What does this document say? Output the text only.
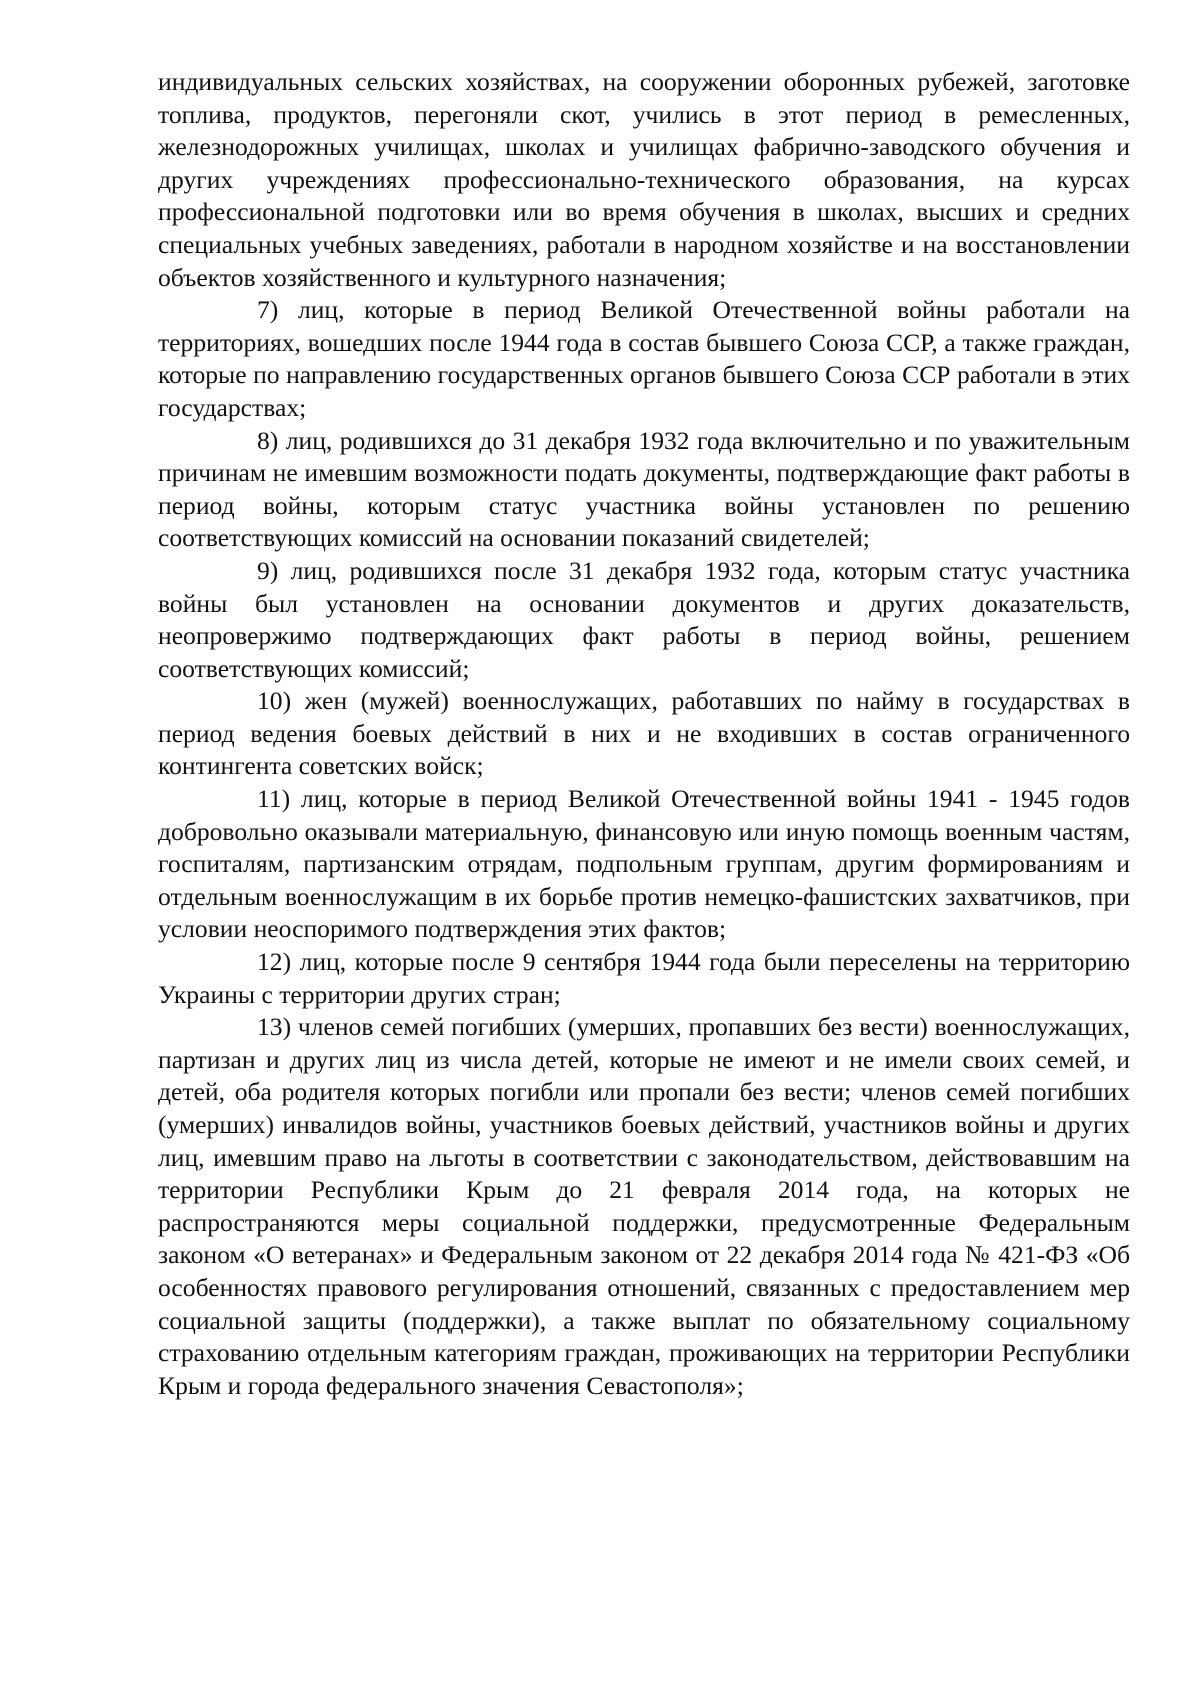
индивидуальных сельских хозяйствах, на сооружении оборонных рубежей, заготовке топлива, продуктов, перегоняли скот, учились в этот период в ремесленных, железнодорожных училищах, школах и училищах фабрично-заводского обучения и других учреждениях профессионально-технического образования, на курсах профессиональной подготовки или во время обучения в школах, высших и средних специальных учебных заведениях, работали в народном хозяйстве и на восстановлении объектов хозяйственного и культурного назначения;

7) лиц, которые в период Великой Отечественной войны работали на территориях, вошедших после 1944 года в состав бывшего Союза ССР, а также граждан, которые по направлению государственных органов бывшего Союза ССР работали в этих государствах;

8) лиц, родившихся до 31 декабря 1932 года включительно и по уважительным причинам не имевшим возможности подать документы, подтверждающие факт работы в период войны, которым статус участника войны установлен по решению соответствующих комиссий на основании показаний свидетелей;

9) лиц, родившихся после 31 декабря 1932 года, которым статус участника войны был установлен на основании документов и других доказательств, неопровержимо подтверждающих факт работы в период войны, решением соответствующих комиссий;

10) жен (мужей) военнослужащих, работавших по найму в государствах в период ведения боевых действий в них и не входивших в состав ограниченного контингента советских войск;

11) лиц, которые в период Великой Отечественной войны 1941 - 1945 годов добровольно оказывали материальную, финансовую или иную помощь военным частям, госпиталям, партизанским отрядам, подпольным группам, другим формированиям и отдельным военнослужащим в их борьбе против немецко-фашистских захватчиков, при условии неоспоримого подтверждения этих фактов;

12) лиц, которые после 9 сентября 1944 года были переселены на территорию Украины с территории других стран;

13) членов семей погибших (умерших, пропавших без вести) военнослужащих, партизан и других лиц из числа детей, которые не имеют и не имели своих семей, и детей, оба родителя которых погибли или пропали без вести; членов семей погибших (умерших) инвалидов войны, участников боевых действий, участников войны и других лиц, имевшим право на льготы в соответствии с законодательством, действовавшим на территории Республики Крым до 21 февраля 2014 года, на которых не распространяются меры социальной поддержки, предусмотренные Федеральным законом «О ветеранах» и Федеральным законом от 22 декабря 2014 года № 421-ФЗ «Об особенностях правового регулирования отношений, связанных с предоставлением мер социальной защиты (поддержки), а также выплат по обязательному социальному страхованию отдельным категориям граждан, проживающих на территории Республики Крым и города федерального значения Севастополя»;
